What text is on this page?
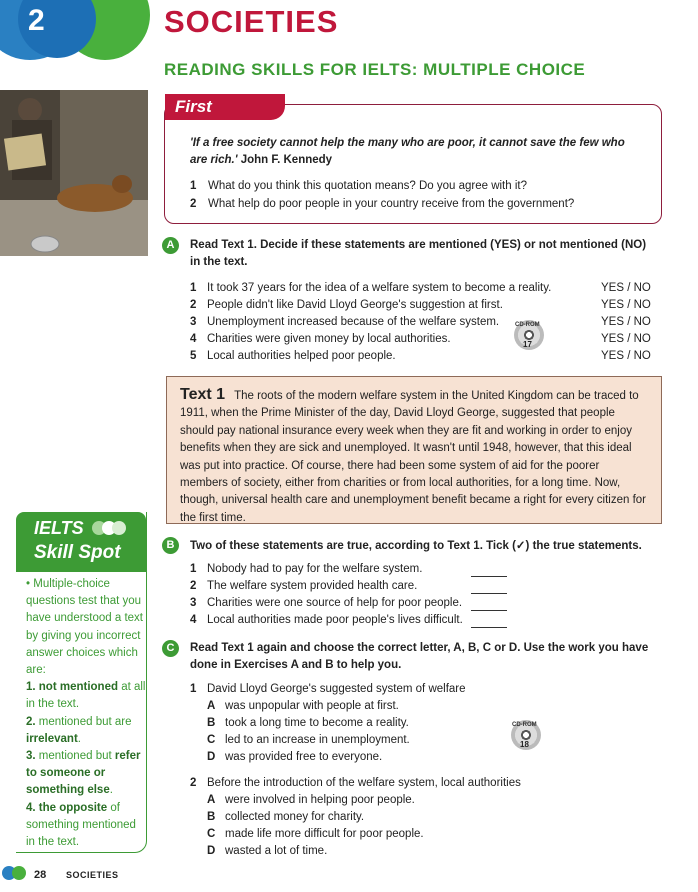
2	SOCIETIES
READING SKILLS FOR IELTS: MULTIPLE CHOICE
First thoughts
'If a free society cannot help the many who are poor, it cannot save the few who are rich.' John F. Kennedy
1 What do you think this quotation means? Do you agree with it?
2 What help do poor people in your country receive from the government?
A	Read Text 1. Decide if these statements are mentioned (YES) or not mentioned (NO) in the text.
1 It took 37 years for the idea of a welfare system to become a reality.	YES / NO
2 People didn't like David Lloyd George's suggestion at first.	YES / NO
3 Unemployment increased because of the welfare system.	YES / NO
4 Charities were given money by local authorities.	YES / NO
5 Local authorities helped poor people.	YES / NO
CD-ROM
17
Text 1 The roots of the modern welfare system in the United Kingdom can be traced to 1911, when the Prime Minister of the day, David Lloyd George, suggested that people should pay national insurance every week when they are fit and working in order to enjoy benefits when they are sick and unemployed. It wasn't until 1948, however, that this ideal was put into practice. Of course, there had been some system of aid for the poorer members of society, either from charities or from local authorities, for a long time. Now, though, universal health care and unemployment benefit became a right for every citizen for the first time.
IELTS
Skill Spot
• Multiple-choice questions test that you have understood a text by giving you incorrect answer choices which are:
1. not mentioned at all in the text.
2. mentioned but are irrelevant.
3. mentioned but refer to someone or something else.
4. the opposite of something mentioned in the text.
B	Two of these statements are true, according to Text 1. Tick (✓) the true statements.
1 Nobody had to pay for the welfare system.
2 The welfare system provided health care.
3 Charities were one source of help for poor people.
4 Local authorities made poor people's lives difficult.
C	Read Text 1 again and choose the correct letter, A, B, C or D. Use the work you have done in Exercises A and B to help you.
1 David Lloyd George's suggested system of welfare
A was unpopular with people at first.
B took a long time to become a reality.
C led to an increase in unemployment.
D was provided free to everyone.
CD-ROM
18
2 Before the introduction of the welfare system, local authorities
A were involved in helping poor people.
B collected money for charity.
C made life more difficult for poor people.
D wasted a lot of time.
28 SOCIETIES
